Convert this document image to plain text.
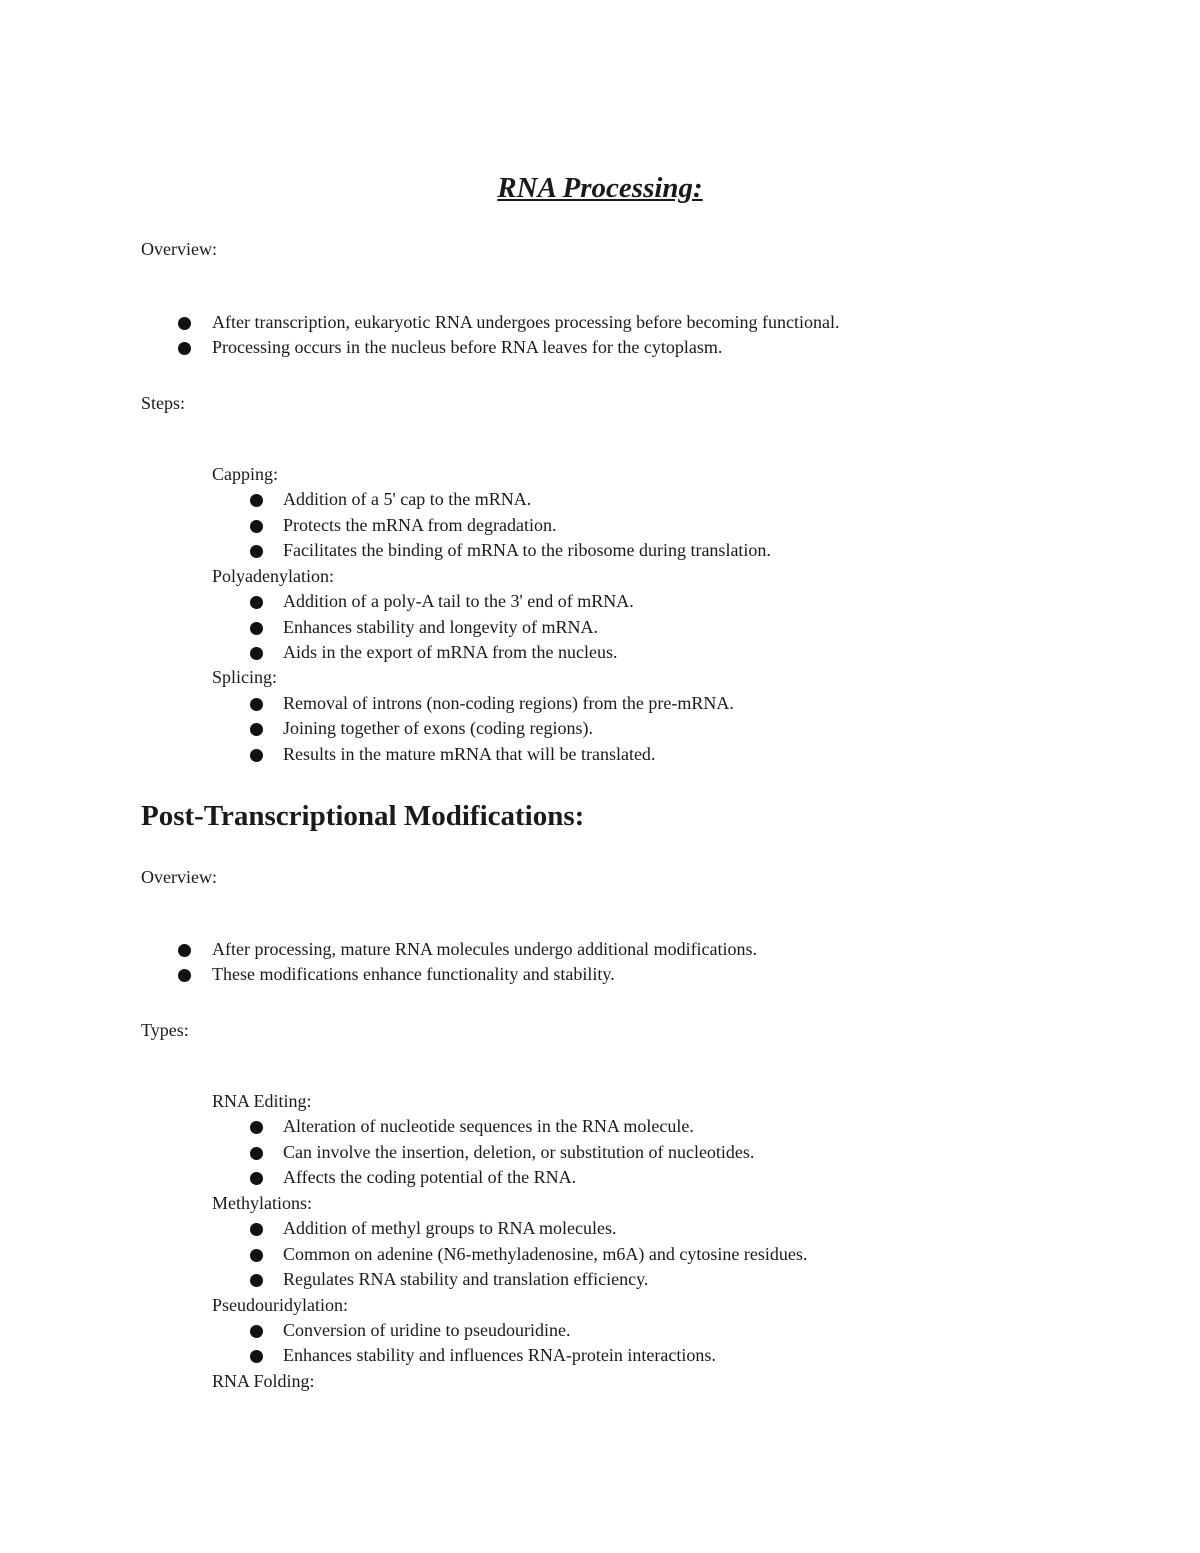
RNA Processing:
Overview:
After transcription, eukaryotic RNA undergoes processing before becoming functional.
Processing occurs in the nucleus before RNA leaves for the cytoplasm.
Steps:
Capping:
Addition of a 5' cap to the mRNA.
Protects the mRNA from degradation.
Facilitates the binding of mRNA to the ribosome during translation.
Polyadenylation:
Addition of a poly-A tail to the 3' end of mRNA.
Enhances stability and longevity of mRNA.
Aids in the export of mRNA from the nucleus.
Splicing:
Removal of introns (non-coding regions) from the pre-mRNA.
Joining together of exons (coding regions).
Results in the mature mRNA that will be translated.
Post-Transcriptional Modifications:
Overview:
After processing, mature RNA molecules undergo additional modifications.
These modifications enhance functionality and stability.
Types:
RNA Editing:
Alteration of nucleotide sequences in the RNA molecule.
Can involve the insertion, deletion, or substitution of nucleotides.
Affects the coding potential of the RNA.
Methylations:
Addition of methyl groups to RNA molecules.
Common on adenine (N6-methyladenosine, m6A) and cytosine residues.
Regulates RNA stability and translation efficiency.
Pseudouridylation:
Conversion of uridine to pseudouridine.
Enhances stability and influences RNA-protein interactions.
RNA Folding:
